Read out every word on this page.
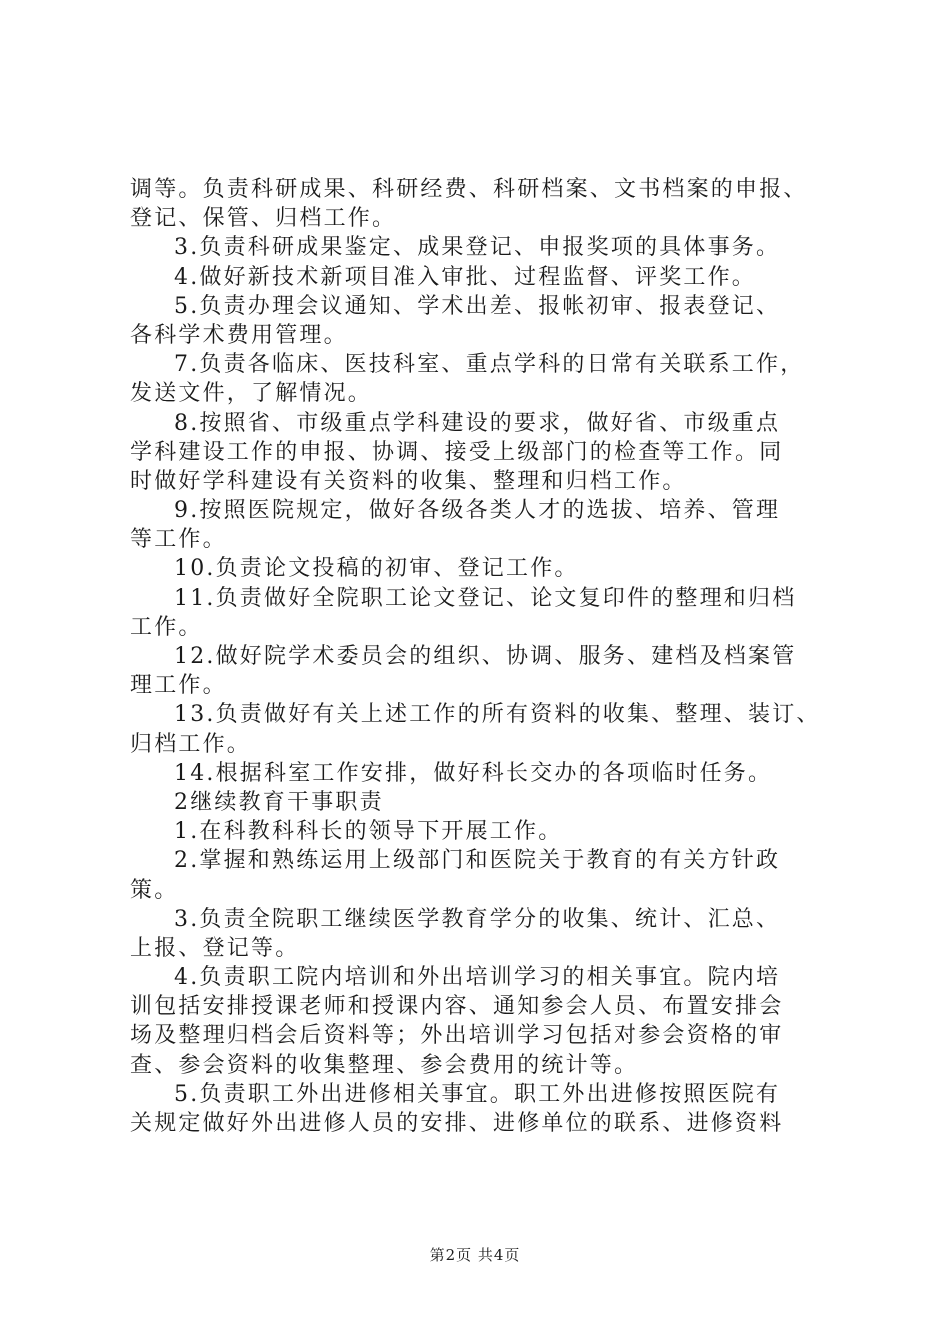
调等。负责科研成果、科研经费、科研档案、文书档案的申报、
登记、保管、归档工作。
3.负责科研成果鉴定、成果登记、申报奖项的具体事务。
4.做好新技术新项目准入审批、过程监督、评奖工作。
5.负责办理会议通知、学术出差、报帐初审、报表登记、
各科学术费用管理。
7.负责各临床、医技科室、重点学科的日常有关联系工作，
发送文件，了解情况。
8.按照省、市级重点学科建设的要求，做好省、市级重点
学科建设工作的申报、协调、接受上级部门的检查等工作。同
时做好学科建设有关资料的收集、整理和归档工作。
9.按照医院规定，做好各级各类人才的选拔、培养、管理
等工作。
10.负责论文投稿的初审、登记工作。
11.负责做好全院职工论文登记、论文复印件的整理和归档
工作。
12.做好院学术委员会的组织、协调、服务、建档及档案管
理工作。
13.负责做好有关上述工作的所有资料的收集、整理、装订、
归档工作。
14.根据科室工作安排，做好科长交办的各项临时任务。
2继续教育干事职责
1.在科教科科长的领导下开展工作。
2.掌握和熟练运用上级部门和医院关于教育的有关方针政
策。
3.负责全院职工继续医学教育学分的收集、统计、汇总、
上报、登记等。
4.负责职工院内培训和外出培训学习的相关事宜。院内培
训包括安排授课老师和授课内容、通知参会人员、布置安排会
场及整理归档会后资料等；外出培训学习包括对参会资格的审
查、参会资料的收集整理、参会费用的统计等。
5.负责职工外出进修相关事宜。职工外出进修按照医院有
关规定做好外出进修人员的安排、进修单位的联系、进修资料
第2页 共4页
